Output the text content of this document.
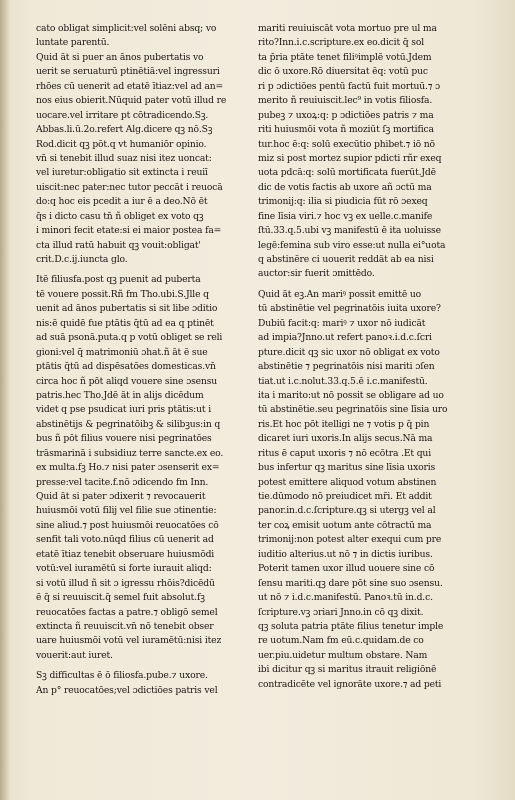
cato obligat simplicit:vel solēni absq; vo
luntate parentū.
Quid āt si puer an ānos pubertatis vo
uerit se seruaturū ptinētiā:vel ingressuri
rhōes cū uenerit ad etatē ītiaz:vel ad an=
nos eius obierit.Nūquid pater votū illud re
uocare.vel irritare pt cōtradicendo.Sꝫ.
Abbas.li.ū.2o.refert Alg.dicere qꝫ nō.Sꝫ
Rod.dicit qꝫ pōt.q vt humaniōr opinio.
vn̄ si tenebit illud suaz nisi itez uoncat:
vel iuretur:obligatio sit extincta i reuiī
uiscit:nec pater:nec tutor peccāt i reuocā
do:q hoc eis pcedit a iur ē a deo.Nō ēt
q̄s i dicto casu tn̄ ñ obliget ex voto qꝫ
i minori fecit etate:si ei maior postea fa=
cta illud ratū habuit qꝫ vouit:obligat'
crit.D.c.ij.iuncta glo.
Itē filiusfa.post qꝫ puenit ad puberta
tē vouere possit.Rñ fm Tho.ubi.S.Jlle q
uenit ad ānos pubertatis si sit libe ɔditio
nis:ē quidē fue ptātis q̄tū ad ea q ptinēt
ad suā psonā.puta.q p votū obliget se reli
gioni:vel q̄ matrimoniū ɔhat.ñ āt ē sue
ptātis q̄tū ad dispēsatōes domesticas.vn̄
circa hoc ñ pōt aliqd vouere sine ɔsensu
patris.hec Tho.Jdē āt in alijs dicēdum
videt q pse psudicat iuri pris ptātis:ut i
abstinētijs & pegrinatōibꝫ & silibꝫus:in q
bus ñ pōt filius vouere nisi pegrinatōes
trāsmarinā i subsidiuz terre sancte.ex eo.
ex multa.fꝫ Ho.⁊ nisi pater ɔsenserit ex=
presse:vel tacite.f.nō ɔdicendo fm Inn.
Quid āt si pater ɔdixerit ⁊ revocauerit
huiusmōi votū filij vel filie sue ɔtinentie:
sine aliud.⁊ post huiusmōi reuocatōes cō
senfit tali voto.nūqd filius cū uenerit ad
etatē ītiaz tenebit obseruare huiusmōdi
votū:vel iuramētū si forte iurauit aliqd:
si votū illud ñ sit ɔ igressu rhōis?dicēdū
ē q̄ si reuuiscit.q̄ semel fuit absolut.fꝫ
reuocatōes factas a patre.⁊ obligō semel
extincta ñ reuuiscit.vn̄ nō tenebit obser
uare huiusmōi votū vel iuramētū:nisi itez
vouerit:aut iuret.
Sꝫ difficultas ē ō filiosfa.pube.⁊ uxore.
An p° reuocatōes;vel ɔdictiōes patris vel
mariti reuiuiscāt vota mortuo pre ul ma
rito?Inn.i.c.scripture.ex eo.dicit q̄ sol
ta p̄ria ptāte tenet filiꝰimplē votū.Jdem
dic ō uxore.Rō diuersitat ēq: votū puc
ri p ɔdictiōes pentū factū fuit mortuū.⁊ ɔ
merito ñ reuiuiscit.lec⁹ in votis filiosfa.
pubeꝫ ⁊ uxoꝝ:q: p ɔdictiōes patris ⁊ ma
riti huiusmōi vota ñ moziūt ſꝫ mortifica
tur.hoc ē:q: solū execūtio phibet.⁊ iō nō
miz si post mortez supior pdicti rñr exeq
uota pdcā:q: solū mortificata fuerūt.Jdē
dic de votis factis ab uxore añ ɔctū ma
trimonij:q: ilia si piudicia fūt rō ɔexeq
fine līsia viri.⁊ hoc vꝫ ex uelle.c.manife
ſtū.33.q.5.ubi vꝫ manifestū ē ita uoluisse
legē:femina sub viro esse:ut nulla ei°uota
q abstinēre ci uouerit reddāt ab ea nisi
auctor:sir fuerit ɔmittēdo.
Quid āt eꝫ.An mariꝰ possit emittē uo
tū abstinētie vel pegrinatōis iuita uxore?
Dubiū facit:q: mariꝰ ⁊ uxor nō iudicāt
ad impia?Jnno.ut refert panoꝛ.i.d.c.ſcri
pture.dicit qꝫ sic uxor nō obligat ex voto
abstinētie ⁊ pegrinatōis nisi mariti ɔſen
tiat.ut i.c.nolut.33.q.5.ē i.c.manifestū.
ita i marito:ut nō possit se obligare ad uo
tū abstinētie.seu pegrinatōis sine līsia uro
ris.Et hoc pōt itelligi ne ⁊ votis p q̄ pin
dicaret iuri uxoris.In alijs secus.Nā ma
ritus ē caput uxoris ⁊ nō ecōtra .Et qui
bus infertur qꝫ maritus sine līsia uxoris
potest emittere aliquod votum abstinen
tie.dūmodo nō preiudicet mr̄i. Et addit
panor.in.d.c.ſcripture.qꝫ si utergꝫ vel al
ter coꝝ emisit uotum ante cōtractū ma
trimonij:non potest alter exequi cum pre
iuditio alterius.ut nō ⁊ in dictis iuribus.
Poterit tamen uxor illud uouere sine cō
ſensu mariti.qꝫ dare pōt sine suo ɔsensu.
ut nō ⁊ i.d.c.manifestū. Panoꝛ.tū in.d.c.
ſcripture.vꝫ ɔriari Jnno.in cō qꝫ dixit.
qꝫ soluta patria ptāte filius tenetur imple
re uotum.Nam fm eū.c.quidam.de co
uer.piu.uidetur multum obstare. Nam
ibi dicitur qꝫ si maritus itrauit religiōnē
contradicēte vel ignorāte uxore.⁊ ad peti
